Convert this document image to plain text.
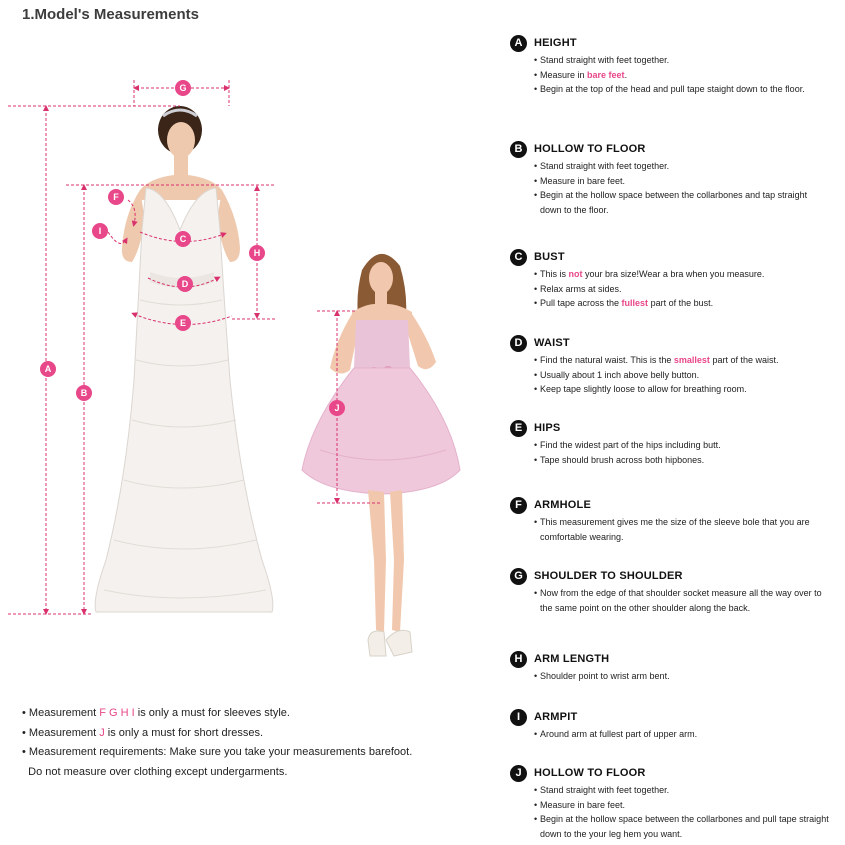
1.Model's Measurements
A
B
C
D
E
F
G
H
I
J
• Measurement F G H I is only a must for sleeves style.
• Measurement J is only a must for short dresses.
• Measurement requirements: Make sure you take your measurements barefoot.
Do not measure over clothing except undergarments.
A	HEIGHT
• Stand straight with feet together.
• Measure in bare feet.
• Begin at the top of the head and pull tape staight down to the floor.
B	HOLLOW TO FLOOR
• Stand straight with feet together.
• Measure in bare feet.
• Begin at the hollow space between the collarbones and tap straight down to the floor.
C	BUST
• This is not your bra size!Wear a bra when you measure.
• Relax arms at sides.
• Pull tape across the fullest part of the bust.
D	WAIST
• Find the natural waist. This is the smallest part of the waist.
• Usually about 1 inch above belly button.
• Keep tape slightly loose to allow for breathing room.
E	HIPS
• Find the widest part of the hips including butt.
• Tape should brush across both hipbones.
F	ARMHOLE
• This measurement gives me the size of the sleeve bole that you are comfortable wearing.
G	SHOULDER TO SHOULDER
• Now from the edge of that shoulder socket measure all the way over to the same point on the other shoulder along the back.
H	ARM LENGTH
• Shoulder point to wrist arm bent.
I	ARMPIT
• Around arm at fullest part of upper arm.
J	HOLLOW TO FLOOR
• Stand straight with feet together.
• Measure in bare feet.
• Begin at the hollow space between the collarbones and pull tape straight down to the your leg hem you want.
